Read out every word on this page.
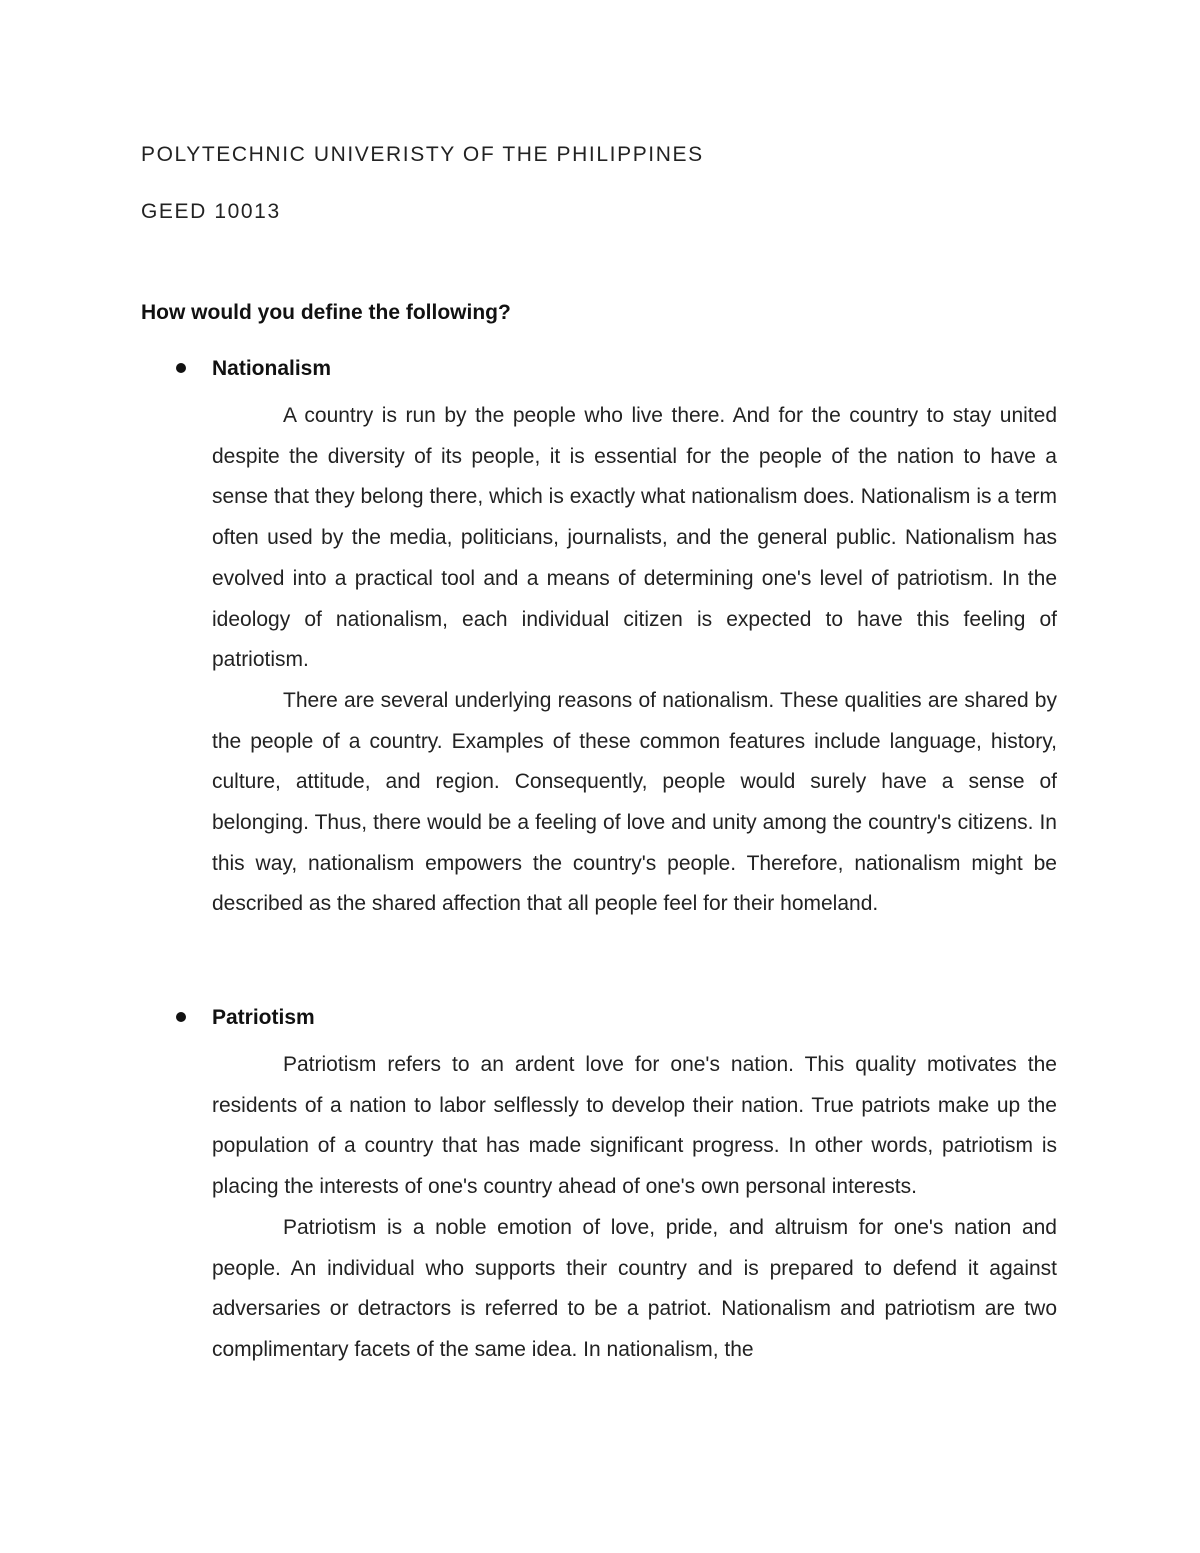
POLYTECHNIC UNIVERISTY OF THE PHILIPPINES
GEED 10013
How would you define the following?
Nationalism

A country is run by the people who live there. And for the country to stay united despite the diversity of its people, it is essential for the people of the nation to have a sense that they belong there, which is exactly what nationalism does. Nationalism is a term often used by the media, politicians, journalists, and the general public. Nationalism has evolved into a practical tool and a means of determining one's level of patriotism. In the ideology of nationalism, each individual citizen is expected to have this feeling of patriotism.

There are several underlying reasons of nationalism. These qualities are shared by the people of a country. Examples of these common features include language, history, culture, attitude, and region. Consequently, people would surely have a sense of belonging. Thus, there would be a feeling of love and unity among the country's citizens. In this way, nationalism empowers the country's people. Therefore, nationalism might be described as the shared affection that all people feel for their homeland.

Patriotism

Patriotism refers to an ardent love for one's nation. This quality motivates the residents of a nation to labor selflessly to develop their nation. True patriots make up the population of a country that has made significant progress. In other words, patriotism is placing the interests of one's country ahead of one's own personal interests.

Patriotism is a noble emotion of love, pride, and altruism for one's nation and people. An individual who supports their country and is prepared to defend it against adversaries or detractors is referred to be a patriot. Nationalism and patriotism are two complimentary facets of the same idea. In nationalism, the
